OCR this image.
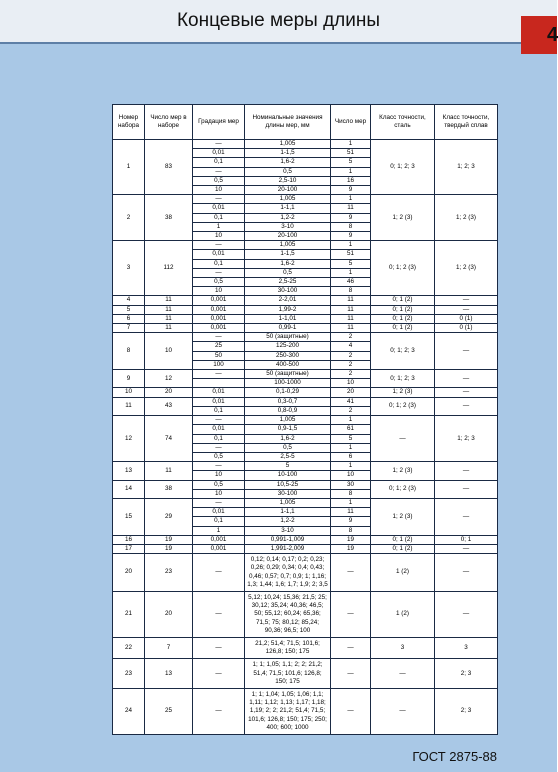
Концевые меры длины
4
Номер набора	Число мер в наборе	Градация мер	Номинальные значения длины мер, мм	Число мер	Класс точности, сталь	Класс точности, твердый сплав
1	83	—	1,005	1	0; 1; 2; 3	1; 2; 3
		0,01	1-1,5	51		
		0,1	1,6-2	5		
		—	0,5	1		
		0,5	2,5-10	16		
		10	20-100	9		
2	38	—	1,005	1	1; 2 (3)	1; 2 (3)
		0,01	1-1,1	11		
		0,1	1,2-2	9		
		1	3-10	8		
		10	20-100	9		
3	112	—	1,005	1	0; 1; 2 (3)	1; 2 (3)
		0,01	1-1,5	51		
		0,1	1,6-2	5		
		—	0,5	1		
		0,5	2,5-25	46		
		10	30-100	8		
4	11	0,001	2-2,01	11	0; 1 (2)	—
5	11	0,001	1,99-2	11	0; 1 (2)	—
6	11	0,001	1-1,01	11	0; 1 (2)	0 (1)
7	11	0,001	0,99-1	11	0; 1 (2)	0 (1)
8	10	—	50 (защитные)	2	0; 1; 2; 3	—
		25	125-200	4		
		50	250-300	2		
		100	400-500	2		
9	12	—	50 (защитные)	2	0; 1; 2; 3	—
			100-1000	10		
10	20	0,01	0,1-0,29	20	1; 2 (3)	—
11	43	0,01	0,3-0,7	41	0; 1; 2 (3)	—
		0,1	0,8-0,9	2		
12	74	—	1,005	1	—	1; 2; 3
		0,01	0,9-1,5	61		
		0,1	1,6-2	5		
		—	0,5	1		
		0,5	2,5-5	6		
13	11	—	5	1	1; 2 (3)	—
		10	10-100	10		
14	38	0,5	10,5-25	30	0; 1; 2 (3)	—
		10	30-100	8		
15	29	—	1,005	1	1; 2 (3)	—
		0,01	1-1,1	11		
		0,1	1,2-2	9		
		1	3-10	8		
16	19	0,001	0,991-1,009	19	0; 1 (2)	0; 1
17	19	0,001	1,991-2,009	19	0; 1 (2)	—
20	23	—	0,12; 0,14; 0,17; 0,2; 0,23; 0,26; 0,29; 0,34; 0,4; 0,43; 0,46; 0,57; 0,7; 0,9; 1; 1,16; 1,3; 1,44; 1,6; 1,7; 1,9; 2; 3,5	—	1 (2)	—
21	20	—	5,12; 10,24; 15,36; 21,5; 25; 30,12; 35,24; 40,36; 46,5; 50; 55,12; 60,24; 65,36; 71,5; 75; 80,12; 85,24; 90,36; 96,5; 100	—	1 (2)	—
22	7	—	21,2; 51,4; 71,5; 101,6; 126,8; 150; 175	—	3	3
23	13	—	1; 1; 1,05; 1,1; 2; 2; 21,2; 51,4; 71,5; 101,6; 126,8; 150; 175	—	—	2; 3
24	25	—	1; 1; 1,04; 1,05; 1,06; 1,1; 1,11; 1,12; 1,13; 1,17; 1,18; 1,19; 2; 2; 21,2; 51,4; 71,5; 101,6; 126,8; 150; 175; 250; 400; 600; 1000	—	—	2; 3
ГОСТ 2875-88
